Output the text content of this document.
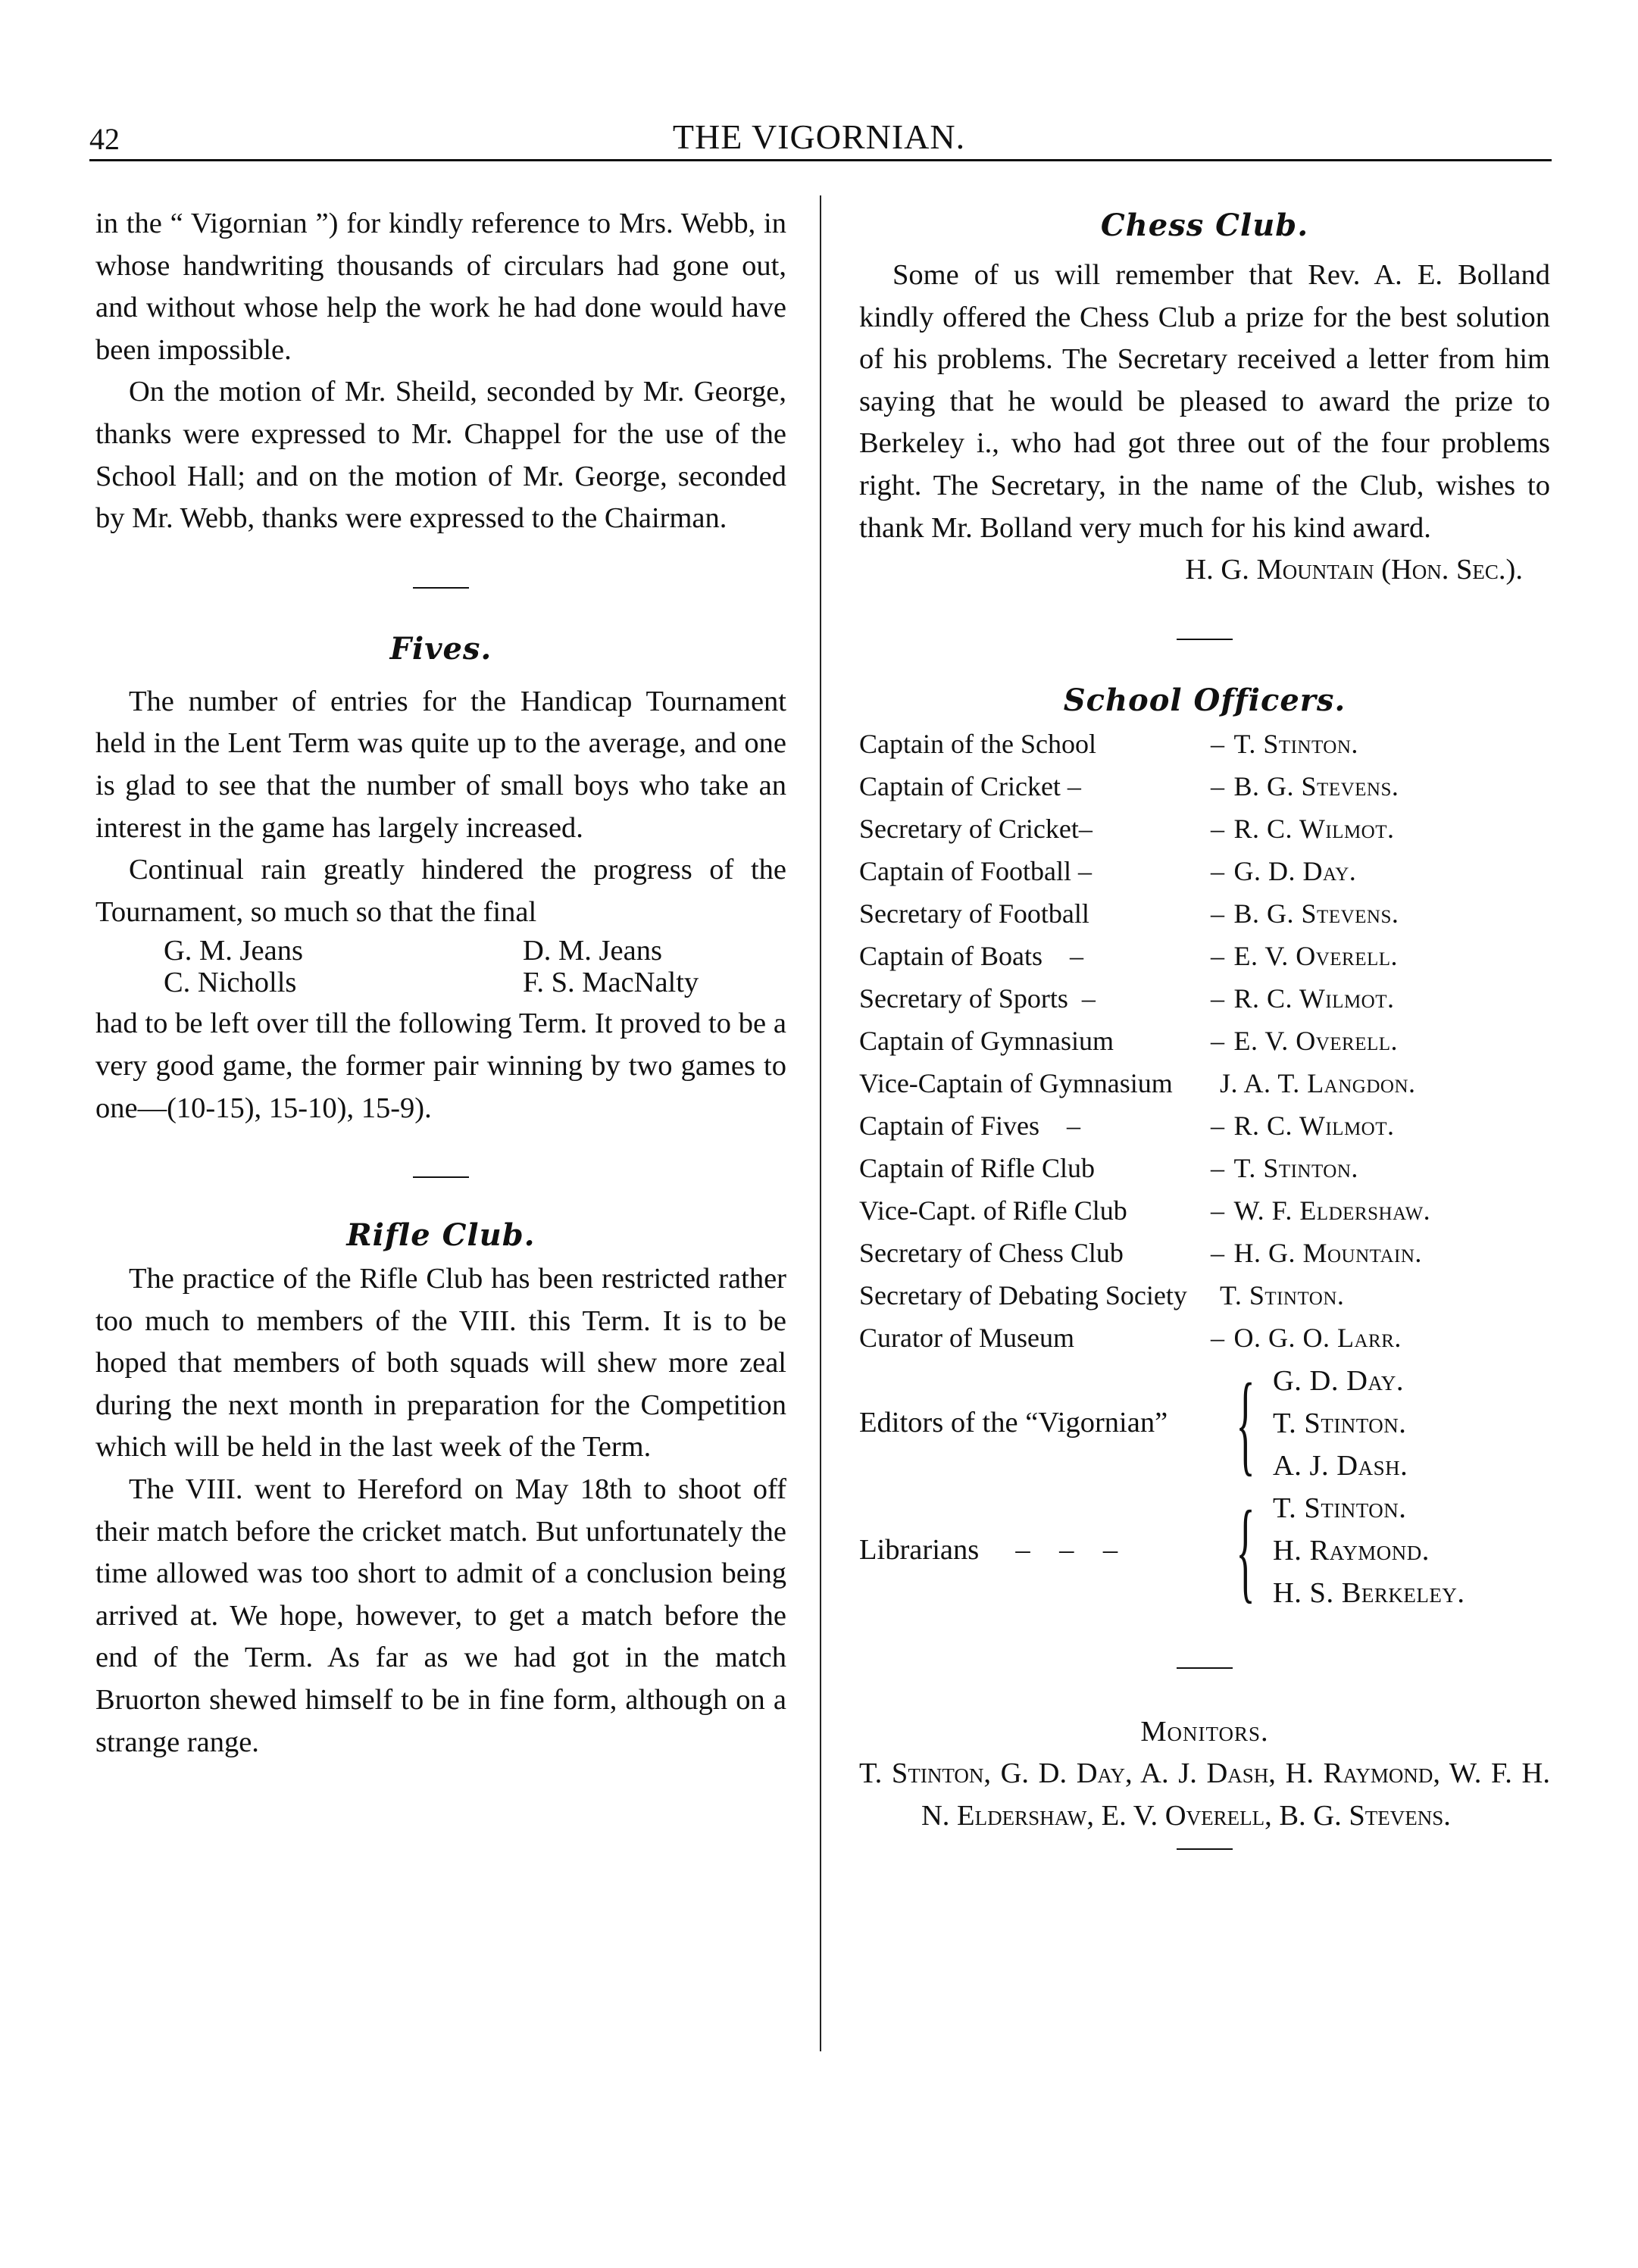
42	THE VIGORNIAN.

in the “ Vigornian ”) for kindly reference to Mrs. Webb, in whose handwriting thousands of circulars had gone out, and without whose help the work he had done would have been impossible.

On the motion of Mr. Sheild, seconded by Mr. George, thanks were expressed to Mr. Chappel for the use of the School Hall; and on the motion of Mr. George, seconded by Mr. Webb, thanks were expressed to the Chairman.

Fives.

The number of entries for the Handicap Tournament held in the Lent Term was quite up to the average, and one is glad to see that the number of small boys who take an interest in the game has largely increased.

Continual rain greatly hindered the progress of the Tournament, so much so that the final

G. M. Jeans	D. M. Jeans
C. Nicholls	F. S. MacNalty

had to be left over till the following Term. It proved to be a very good game, the former pair winning by two games to one—(10-15), 15-10), 15-9).

Rifle Club.

The practice of the Rifle Club has been restricted rather too much to members of the VIII. this Term. It is to be hoped that members of both squads will shew more zeal during the next month in preparation for the Competition which will be held in the last week of the Term.

The VIII. went to Hereford on May 18th to shoot off their match before the cricket match. But unfortunately the time allowed was too short to admit of a conclusion being arrived at. We hope, however, to get a match before the end of the Term. As far as we had got in the match Bruorton shewed himself to be in fine form, although on a strange range.

Chess Club.

Some of us will remember that Rev. A. E. Bolland kindly offered the Chess Club a prize for the best solution of his problems. The Secretary received a letter from him saying that he would be pleased to award the prize to Berkeley i., who had got three out of the four problems right. The Secretary, in the name of the Club, wishes to thank Mr. Bolland very much for his kind award.

H. G. Mountain (Hon. Sec.).

School Officers.
Captain of the School	– T. Stinton.
Captain of Cricket –	– B. G. Stevens.
Secretary of Cricket–	– R. C. Wilmot.
Captain of Football –	– G. D. Day.
Secretary of Football	– B. G. Stevens.
Captain of Boats    –	– E. V. Overell.
Secretary of Sports  –	– R. C. Wilmot.
Captain of Gymnasium	– E. V. Overell.
Vice-Captain of Gymnasium	J. A. T. Langdon.
Captain of Fives    –	– R. C. Wilmot.
Captain of Rifle Club	– T. Stinton.
Vice-Capt. of Rifle Club	– W. F. Eldershaw.
Secretary of Chess Club	– H. G. Mountain.
Secretary of Debating Society	T. Stinton.
Curator of Museum	– O. G. O. Larr.
Editors of the “Vigornian” { G. D. Day.
T. Stinton.
A. J. Dash.
Librarians     –    –    –	{ T. Stinton.
H. Raymond.
H. S. Berkeley.
Monitors.

T. Stinton, G. D. Day, A. J. Dash, H. Raymond, W. F. H. N. Eldershaw, E. V. Overell, B. G. Stevens.
